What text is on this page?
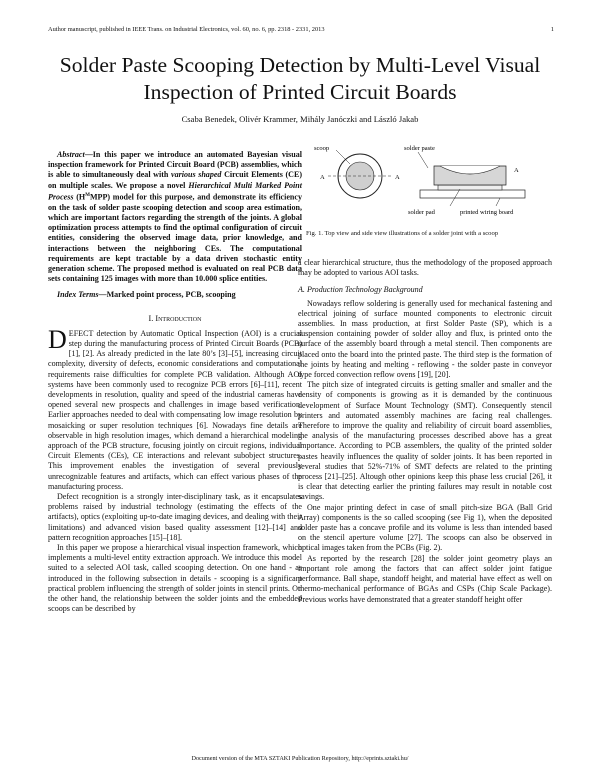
Author manuscript, published in IEEE Trans. on Industrial Electronics, vol. 60, no. 6, pp. 2318 - 2331, 2013	1
Solder Paste Scooping Detection by Multi-Level Visual Inspection of Printed Circuit Boards
Csaba Benedek, Olivér Krammer, Mihály Janóczki and László Jakab

Abstract—In this paper we introduce an automated Bayesian visual inspection framework for Printed Circuit Board (PCB) assemblies, which is able to simultaneously deal with various shaped Circuit Elements (CE) on multiple scales. We propose a novel Hierarchical Multi Marked Point Process $(H^MMPP)$ model for this purpose, and demonstrate its efficiency on the task of solder paste scooping detection and scoop area estimation, which are important factors regarding the strength of the joints. A global optimization process attempts to find the optimal configuration of circuit entities, considering the observed image data, prior knowledge, and interactions between the neighboring CEs. The computational requirements are kept tractable by a data driven stochastic entity generation scheme. The proposed method is evaluated on real PCB data sets containing 125 images with more than 10.000 splice entities.

Index Terms—Marked point process, PCB, scooping

I. Introduction

DEFECT detection by Automatic Optical Inspection (AOI) is a crucial step during the manufacturing process of Printed Circuit Boards (PCB) [1], [2]. As already predicted in the late 80’s [3]–[5], increasing circuit complexity, diversity of defects, economic considerations and computational requirements raise difficulties for complete PCB validation. Although AOI systems have been commonly used to recognize PCB errors [6]–[11], recent developments in resolution, quality and speed of the industrial cameras have opened several new prospects and challenges in image based verification. Earlier approaches needed to deal with compensating low image resolution by mosaicking or super resolution techniques [6]. Nowadays fine details are observable in high resolution images, which demand a hierarchical modeling approach of the PCB structure, focusing jointly on circuit regions, individual Circuit Elements (CEs), CE interactions and relevant subobject structures. This improvement enables the investigation of several previously unrecognizable features and artifacts, which can effect various phases of the manufacturing process.

Defect recognition is a strongly inter-disciplinary task, as it encapsulates problems raised by industrial technology (estimating the effects of the artifacts), optics (exploiting up-to-date imaging devices, and dealing with their limitations) and advanced vision based quality assessment [12]–[14] and pattern recognition approaches [15]–[18].

In this paper we propose a hierarchical visual inspection framework, which implements a multi-level entity extraction approach. We introduce this model suited to a selected AOI task, called scooping detection. On one hand - as introduced in the following subsection in details - scooping is a significant practical problem influencing the strength of solder joints in stencil prints. On the other hand, the relationship between the solder joints and the embedded scoops can be described by

scoop
A	A
solder paste
A
solder pad	printed wiring board
Fig. 1. Top view and side view illustrations of a solder joint with a scoop

a clear hierarchical structure, thus the methodology of the proposed approach may be adopted to various AOI tasks.

A. Production Technology Background

Nowadays reflow soldering is generally used for mechanical fastening and electrical joining of surface mounted components to electronic circuit assemblies. In mass production, at first Solder Paste (SP), which is a suspension containing powder of solder alloy and flux, is printed onto the surface of the assembly board through a metal stencil. Then components are placed onto the board into the printed paste. The third step is the formation of the joints by heating and melting - reflowing - the solder paste in conveyor type forced convection reflow ovens [19], [20].

The pitch size of integrated circuits is getting smaller and smaller and the density of components is growing as it is demanded by the continuous development of Surface Mount Technology (SMT). Consequently stencil printers and automated assembly machines are facing real challenges. Therefore to improve the quality and reliability of circuit board assemblies, the analysis of the manufacturing processes described above has a great importance. According to PCB assemblers, the quality of the printed solder pastes heavily influences the quality of solder joints. It has been reported in several studies that 52%-71% of SMT defects are related to the printing process [21]–[25]. Altough other opinions keep this phase less crucial [26], it is clear that detecting earlier the printing failures may result in notable cost savings.

One major printing defect in case of small pitch-size BGA (Ball Grid Array) components is the so called scooping (see Fig 1), when the deposited solder paste has a concave profile and its volume is less than intended based on the stencil aperture volume [27]. The scoops can also be observed in optical images taken from the PCBs (Fig. 2).

As reported by the research [28] the solder joint geometry plays an important role among the factors that can affect solder joint fatigue performance. Ball shape, standoff height, and material have effect as well on thermo-mechanical performance of BGAs and CSPs (Chip Scale Package). Previous works have demonstrated that a greater standoff height offer

Document version of the MTA SZTAKI Publication Repository, http://eprints.sztaki.hu/
